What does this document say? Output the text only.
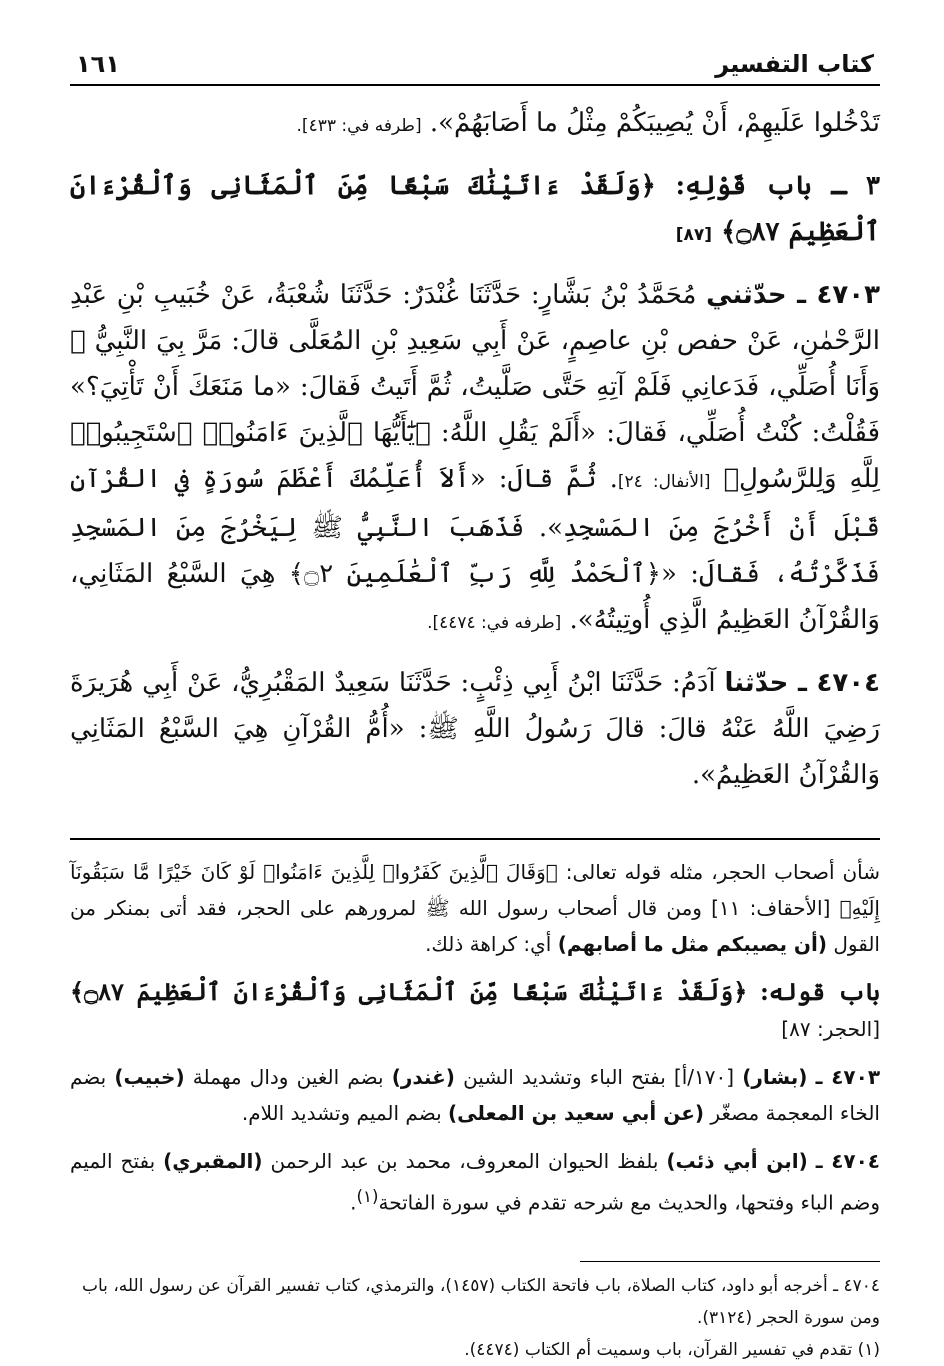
كتاب التفسير
١٦١

تَدْخُلوا عَلَيهِمْ، أَنْ يُصِيبَكُمْ مِثْلُ ما أَصَابَهُمْ». [طرفه في: ٤٣٣].

٣ ـ باب قَوْلِهِ: ﴿وَلَقَدْ ءَاتَيْنَٰكَ سَبْعًا مِّنَ ٱلْمَثَانِى وَٱلْقُرْءَانَ ٱلْعَظِيمَ ۝٨٧﴾ [٨٧]

٤٧٠٣ ـ حدّثني مُحَمَّدُ بْنُ بَشَّارٍ: حَدَّثَنَا غُنْدَرٌ: حَدَّثَنَا شُعْبَةُ، عَنْ خُبَيبِ بْنِ عَبْدِ الرَّحْمٰنِ، عَنْ حفص بْنِ عاصِمٍ، عَنْ أَبِي سَعِيدِ بْنِ المُعَلَّى قالَ: مَرَّ بِيَ النَّبِيُّ ﷺ وَأَنَا أُصَلِّي، فَدَعانِي فَلَمْ آتِهِ حَتَّى صَلَّيتُ، ثُمَّ أَتَيتُ فَقالَ: «ما مَنَعَكَ أَنْ تَأْتِيَ؟» فَقُلْتُ: كُنْتُ أُصَلِّي، فَقالَ: «أَلَمْ يَقُلِ اللَّهُ: ﴿يَٰٓأَيُّهَا ٱلَّذِينَ ءَامَنُوا۟ ٱسْتَجِيبُوا۟ لِلَّهِ وَلِلرَّسُولِ﴾ [الأنفال: ٢٤]. ثُمَّ قالَ: «أَلاَ أُعَلِّمُكَ أَعْظَمَ سُورَةٍ في القُرْآنِ قَبْلَ أَنْ أَخْرُجَ مِنَ المَسْجِدِ». فَذَهَبَ النَّبِيُّ ﷺ لِيَخْرُجَ مِنَ المَسْجِدِ فَذَكَّرْتُهُ، فَقالَ: «﴿ٱلْحَمْدُ لِلَّهِ رَبِّ ٱلْعَٰلَمِينَ ۝٢﴾ هِيَ السَّبْعُ المَثَانِي، وَالقُرْآنُ العَظِيمُ الَّذِي أُوتِيتُهُ». [طرفه في: ٤٤٧٤].

٤٧٠٤ ـ حدّثنا آدَمُ: حَدَّثَنَا ابْنُ أَبِي ذِئْبٍ: حَدَّثَنَا سَعِيدٌ المَقْبُرِيُّ، عَنْ أَبِي هُرَيرَةَ رَضِيَ اللَّهُ عَنْهُ قالَ: قالَ رَسُولُ اللَّهِ ﷺ: «أُمُّ القُرْآنِ هِيَ السَّبْعُ المَثَانِي وَالقُرْآنُ العَظِيمُ».

شأن أصحاب الحجر، مثله قوله تعالى: ﴿وَقَالَ ٱلَّذِينَ كَفَرُوا۟ لِلَّذِينَ ءَامَنُوا۟ لَوْ كَانَ خَيْرًا مَّا سَبَقُونَآ إِلَيْهِ﴾ [الأحقاف: ١١] ومن قال أصحاب رسول الله ﷺ لمرورهم على الحجر، فقد أتى بمنكر من القول (أن يصيبكم مثل ما أصابهم) أي: كراهة ذلك.

باب قوله: ﴿وَلَقَدْ ءَاتَيْنَٰكَ سَبْعًا مِّنَ ٱلْمَثَانِى وَٱلْقُرْءَانَ ٱلْعَظِيمَ ۝٨٧﴾ [الحجر: ٨٧]

٤٧٠٣ ـ (بشار) [١٧٠/أ] بفتح الباء وتشديد الشين (غندر) بضم الغين ودال مهملة (خبيب) بضم الخاء المعجمة مصغّر (عن أبي سعيد بن المعلى) بضم الميم وتشديد اللام.

٤٧٠٤ ـ (ابن أبي ذئب) بلفظ الحيوان المعروف، محمد بن عبد الرحمن (المقبري) بفتح الميم وضم الباء وفتحها، والحديث مع شرحه تقدم في سورة الفاتحة$^{(١)}$.

٤٧٠٤ ـ أخرجه أبو داود، كتاب الصلاة، باب فاتحة الكتاب (١٤٥٧)، والترمذي، كتاب تفسير القرآن عن رسول الله، باب ومن سورة الحجر (٣١٢٤).

(١) تقدم في تفسير القرآن، باب وسميت أم الكتاب (٤٤٧٤).
